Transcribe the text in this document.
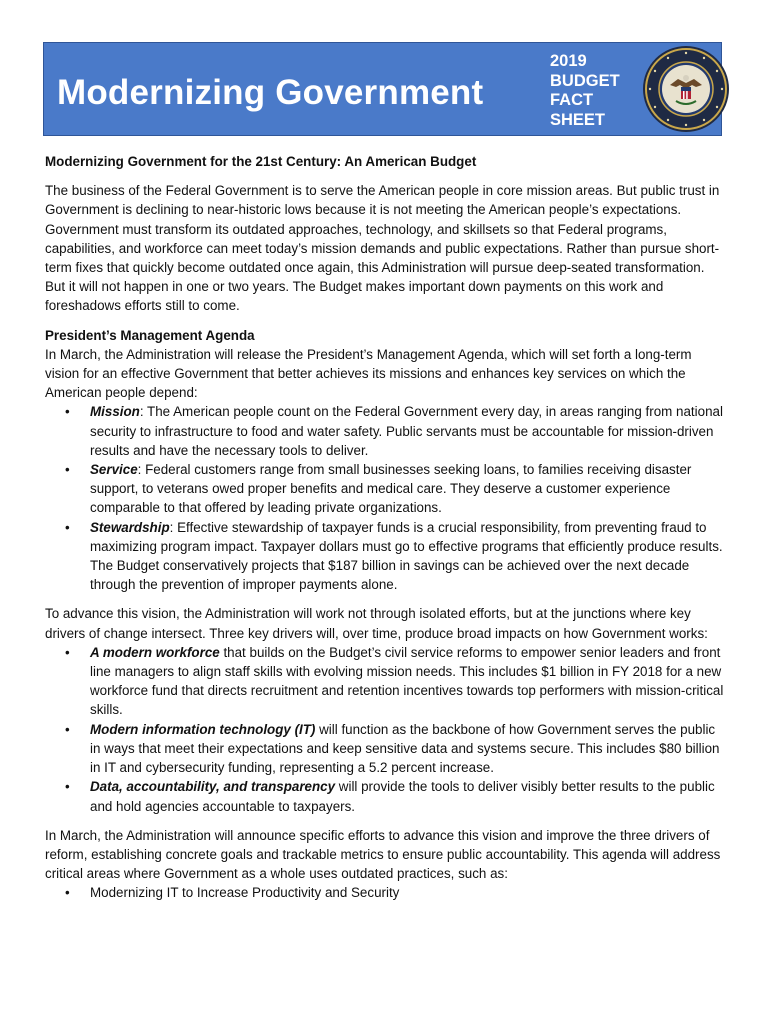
Modernizing Government
2019
BUDGET
FACT
SHEET

Modernizing Government for the 21st Century: An American Budget

The business of the Federal Government is to serve the American people in core mission areas. But public trust in Government is declining to near-historic lows because it is not meeting the American people’s expectations. Government must transform its outdated approaches, technology, and skillsets so that Federal programs, capabilities, and workforce can meet today’s mission demands and public expectations. Rather than pursue short-term fixes that quickly become outdated once again, this Administration will pursue deep-seated transformation. But it will not happen in one or two years. The Budget makes important down payments on this work and foreshadows efforts still to come.

President’s Management Agenda

In March, the Administration will release the President’s Management Agenda, which will set forth a long-term vision for an effective Government that better achieves its missions and enhances key services on which the American people depend:

• Mission: The American people count on the Federal Government every day, in areas ranging from national security to infrastructure to food and water safety. Public servants must be accountable for mission-driven results and have the necessary tools to deliver.
• Service: Federal customers range from small businesses seeking loans, to families receiving disaster support, to veterans owed proper benefits and medical care. They deserve a customer experience comparable to that offered by leading private organizations.
• Stewardship: Effective stewardship of taxpayer funds is a crucial responsibility, from preventing fraud to maximizing program impact. Taxpayer dollars must go to effective programs that efficiently produce results. The Budget conservatively projects that $187 billion in savings can be achieved over the next decade through the prevention of improper payments alone.

To advance this vision, the Administration will work not through isolated efforts, but at the junctions where key drivers of change intersect. Three key drivers will, over time, produce broad impacts on how Government works:

• A modern workforce that builds on the Budget’s civil service reforms to empower senior leaders and front line managers to align staff skills with evolving mission needs. This includes $1 billion in FY 2018 for a new workforce fund that directs recruitment and retention incentives towards top performers with mission-critical skills.
• Modern information technology (IT) will function as the backbone of how Government serves the public in ways that meet their expectations and keep sensitive data and systems secure. This includes $80 billion in IT and cybersecurity funding, representing a 5.2 percent increase.
• Data, accountability, and transparency will provide the tools to deliver visibly better results to the public and hold agencies accountable to taxpayers.

In March, the Administration will announce specific efforts to advance this vision and improve the three drivers of reform, establishing concrete goals and trackable metrics to ensure public accountability. This agenda will address critical areas where Government as a whole uses outdated practices, such as:

• Modernizing IT to Increase Productivity and Security
